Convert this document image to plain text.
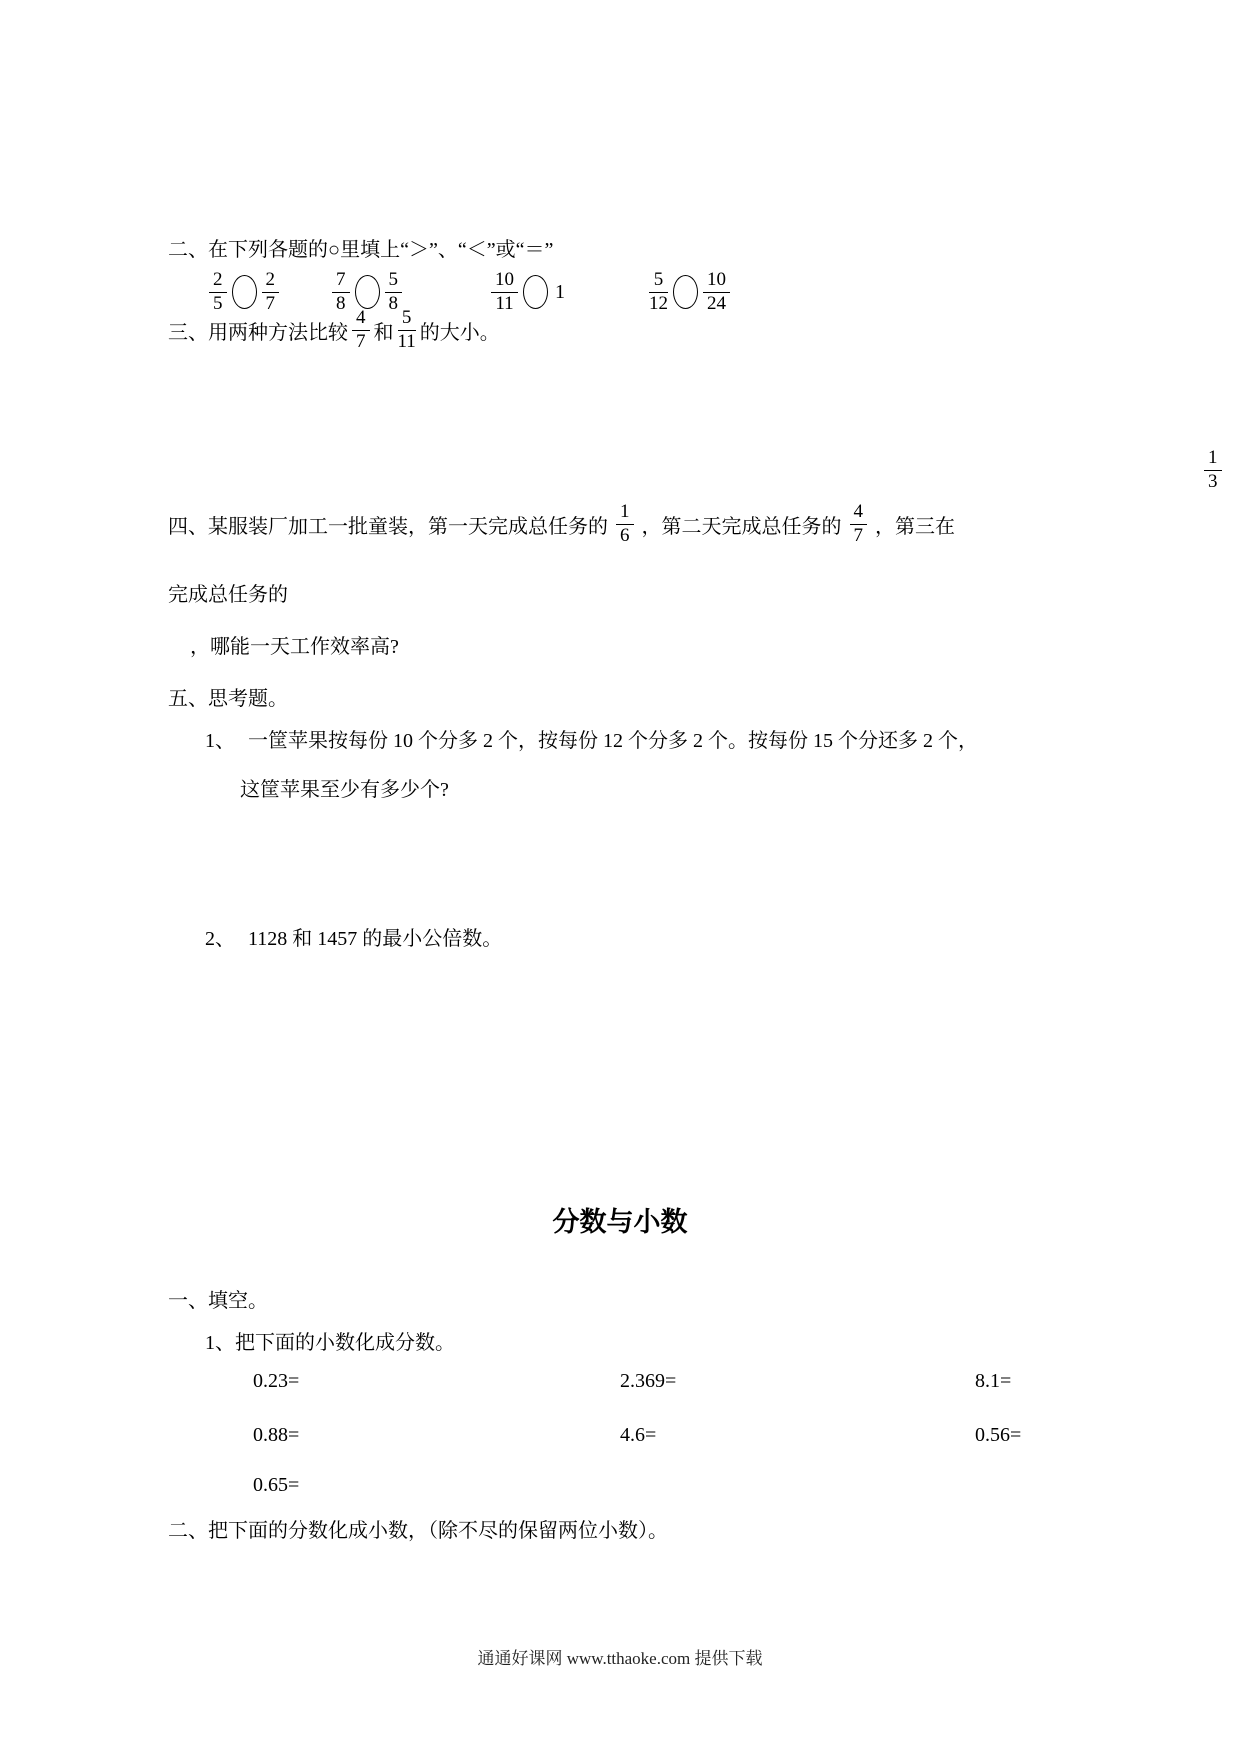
二、在下列各题的○里填上“＞”、“＜”或“＝”
$\frac{2}{5} \frac{2}{7}$	$\frac{7}{8} \frac{5}{8}$	$\frac{10}{11} 1$	$\frac{5}{12} \frac{10}{24}$
三、用两种方法比较 $\frac{4}{7}$ 和 $\frac{5}{11}$ 的大小。
四、某服装厂加工一批童装，第一天完成总任务的 $\frac{1}{6}$ ，第二天完成总任务的 $\frac{4}{7}$ ，第三在
$\frac{1}{3}$
完成总任务的
，哪能一天工作效率高?
五、思考题。
1、 一筐苹果按每份 10 个分多 2 个，按每份 12 个分多 2 个。按每份 15 个分还多 2 个，
这筐苹果至少有多少个?
2、 1128 和 1457 的最小公倍数。
分数与小数
一、填空。
1、把下面的小数化成分数。
0.23=	2.369=	8.1=
0.88=	4.6=	0.56=
0.65=
二、把下面的分数化成小数，（除不尽的保留两位小数）。
通通好课网 www.tthaoke.com 提供下载
